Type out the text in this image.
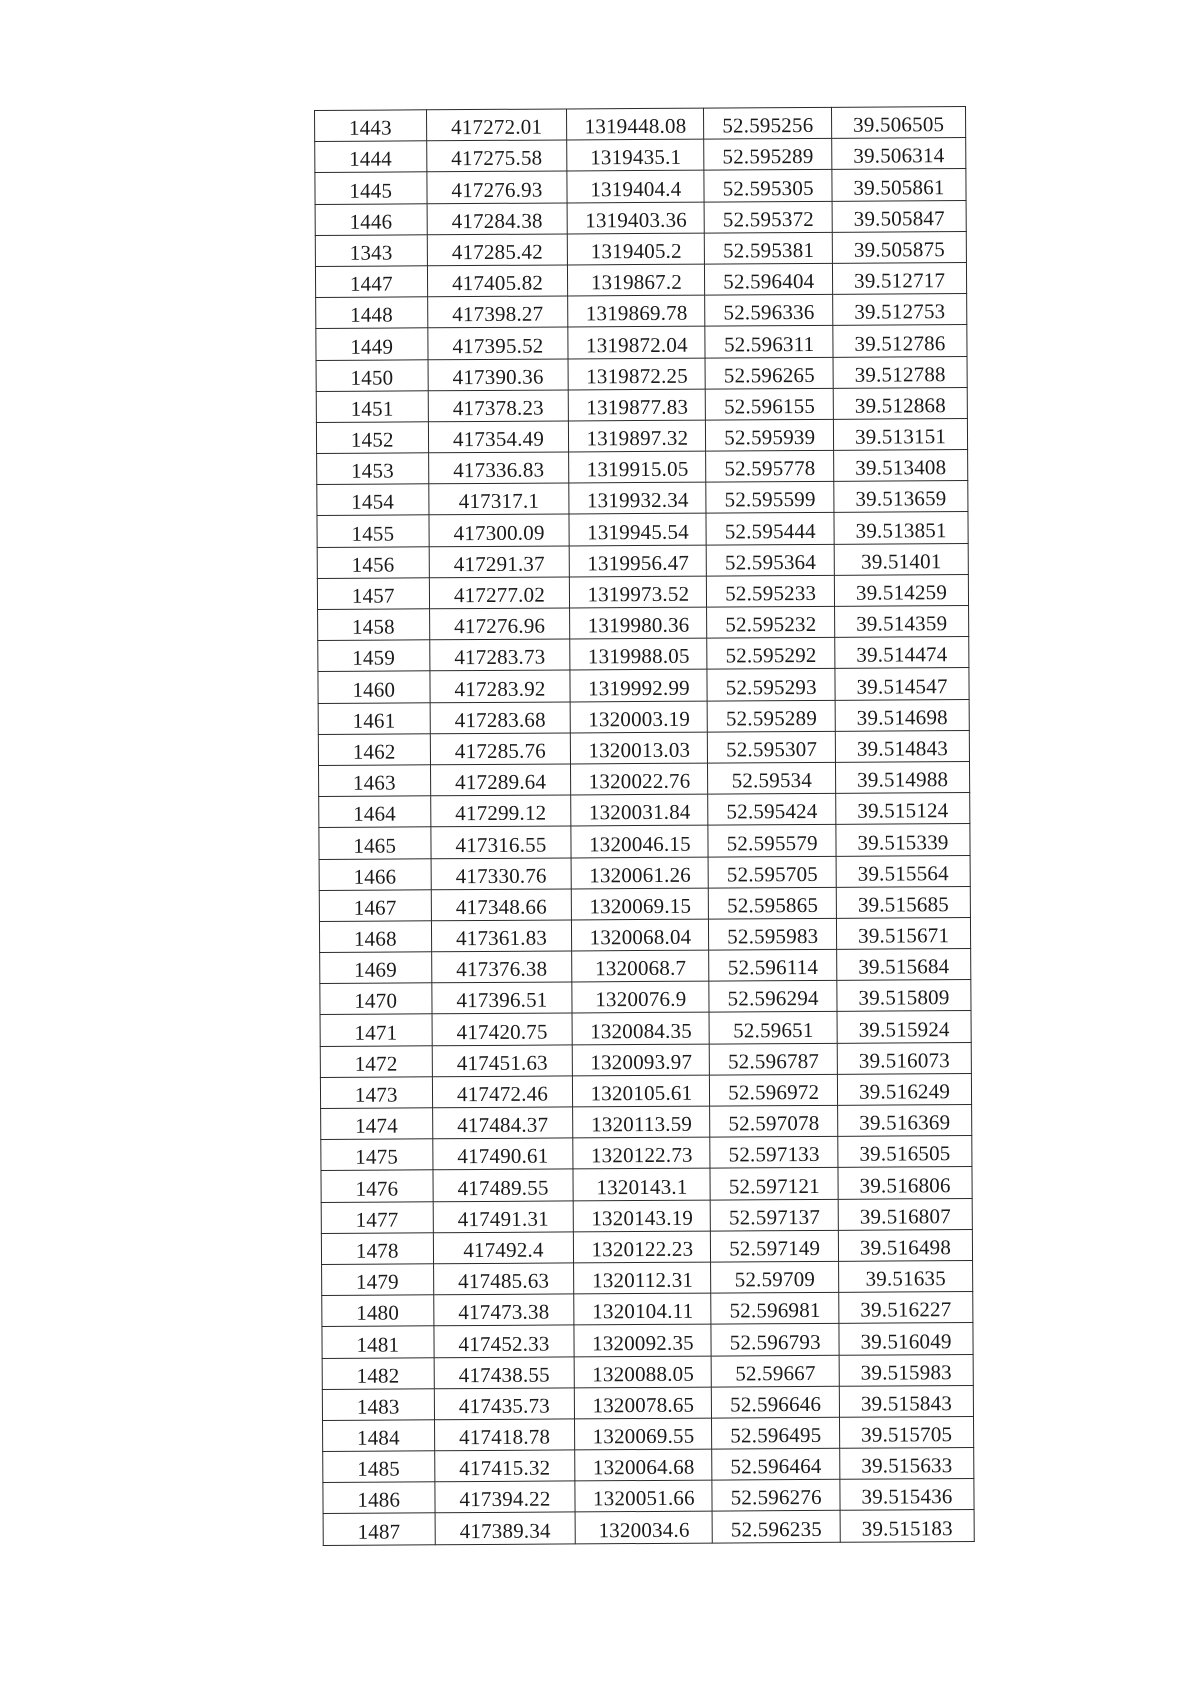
1443	417272.01	1319448.08	52.595256	39.506505
1444	417275.58	1319435.1	52.595289	39.506314
1445	417276.93	1319404.4	52.595305	39.505861
1446	417284.38	1319403.36	52.595372	39.505847
1343	417285.42	1319405.2	52.595381	39.505875
1447	417405.82	1319867.2	52.596404	39.512717
1448	417398.27	1319869.78	52.596336	39.512753
1449	417395.52	1319872.04	52.596311	39.512786
1450	417390.36	1319872.25	52.596265	39.512788
1451	417378.23	1319877.83	52.596155	39.512868
1452	417354.49	1319897.32	52.595939	39.513151
1453	417336.83	1319915.05	52.595778	39.513408
1454	417317.1	1319932.34	52.595599	39.513659
1455	417300.09	1319945.54	52.595444	39.513851
1456	417291.37	1319956.47	52.595364	39.51401
1457	417277.02	1319973.52	52.595233	39.514259
1458	417276.96	1319980.36	52.595232	39.514359
1459	417283.73	1319988.05	52.595292	39.514474
1460	417283.92	1319992.99	52.595293	39.514547
1461	417283.68	1320003.19	52.595289	39.514698
1462	417285.76	1320013.03	52.595307	39.514843
1463	417289.64	1320022.76	52.59534	39.514988
1464	417299.12	1320031.84	52.595424	39.515124
1465	417316.55	1320046.15	52.595579	39.515339
1466	417330.76	1320061.26	52.595705	39.515564
1467	417348.66	1320069.15	52.595865	39.515685
1468	417361.83	1320068.04	52.595983	39.515671
1469	417376.38	1320068.7	52.596114	39.515684
1470	417396.51	1320076.9	52.596294	39.515809
1471	417420.75	1320084.35	52.59651	39.515924
1472	417451.63	1320093.97	52.596787	39.516073
1473	417472.46	1320105.61	52.596972	39.516249
1474	417484.37	1320113.59	52.597078	39.516369
1475	417490.61	1320122.73	52.597133	39.516505
1476	417489.55	1320143.1	52.597121	39.516806
1477	417491.31	1320143.19	52.597137	39.516807
1478	417492.4	1320122.23	52.597149	39.516498
1479	417485.63	1320112.31	52.59709	39.51635
1480	417473.38	1320104.11	52.596981	39.516227
1481	417452.33	1320092.35	52.596793	39.516049
1482	417438.55	1320088.05	52.59667	39.515983
1483	417435.73	1320078.65	52.596646	39.515843
1484	417418.78	1320069.55	52.596495	39.515705
1485	417415.32	1320064.68	52.596464	39.515633
1486	417394.22	1320051.66	52.596276	39.515436
1487	417389.34	1320034.6	52.596235	39.515183
